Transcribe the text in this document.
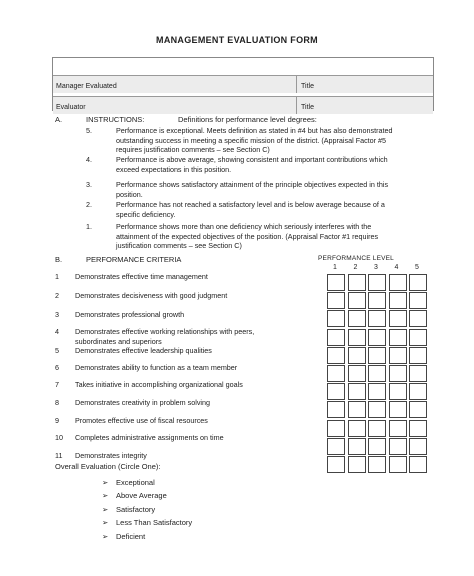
MANAGEMENT EVALUATION FORM
Manager Evaluated	Title
Evaluator	Title
A.	INSTRUCTIONS:	Definitions for performance level degrees:
5.	Performance is exceptional. Meets definition as stated in #4 but has also demonstrated
outstanding success in meeting a specific mission of the district. (Appraisal Factor #5
requires justification comments – see Section C)
4.	Performance is above average, showing consistent and important contributions which
exceed expectations in this position.
3.	Performance shows satisfactory attainment of the principle objectives expected in this
position.
2.	Performance has not reached a satisfactory level and is below average because of a
specific deficiency.
1.	Performance shows more than one deficiency which seriously interferes with the
attainment of the expected objectives of the position. (Appraisal Factor #1 requires
justification comments – see Section C)
B.	PERFORMANCE CRITERIA	PERFORMANCE LEVEL
1	2	3	4	5
1 Demonstrates effective time management
2 Demonstrates decisiveness with good judgment
3 Demonstrates professional growth
4 Demonstrates effective working relationships with peers,
subordinates and superiors
5 Demonstrates effective leadership qualities
6 Demonstrates ability to function as a team member
7 Takes initiative in accomplishing organizational goals
8 Demonstrates creativity in problem solving
9 Promotes effective use of fiscal resources
10 Completes administrative assignments on time
11 Demonstrates integrity
Overall Evaluation (Circle One):
➢ Exceptional
➢ Above Average
➢ Satisfactory
➢ Less Than Satisfactory
➢ Deficient
